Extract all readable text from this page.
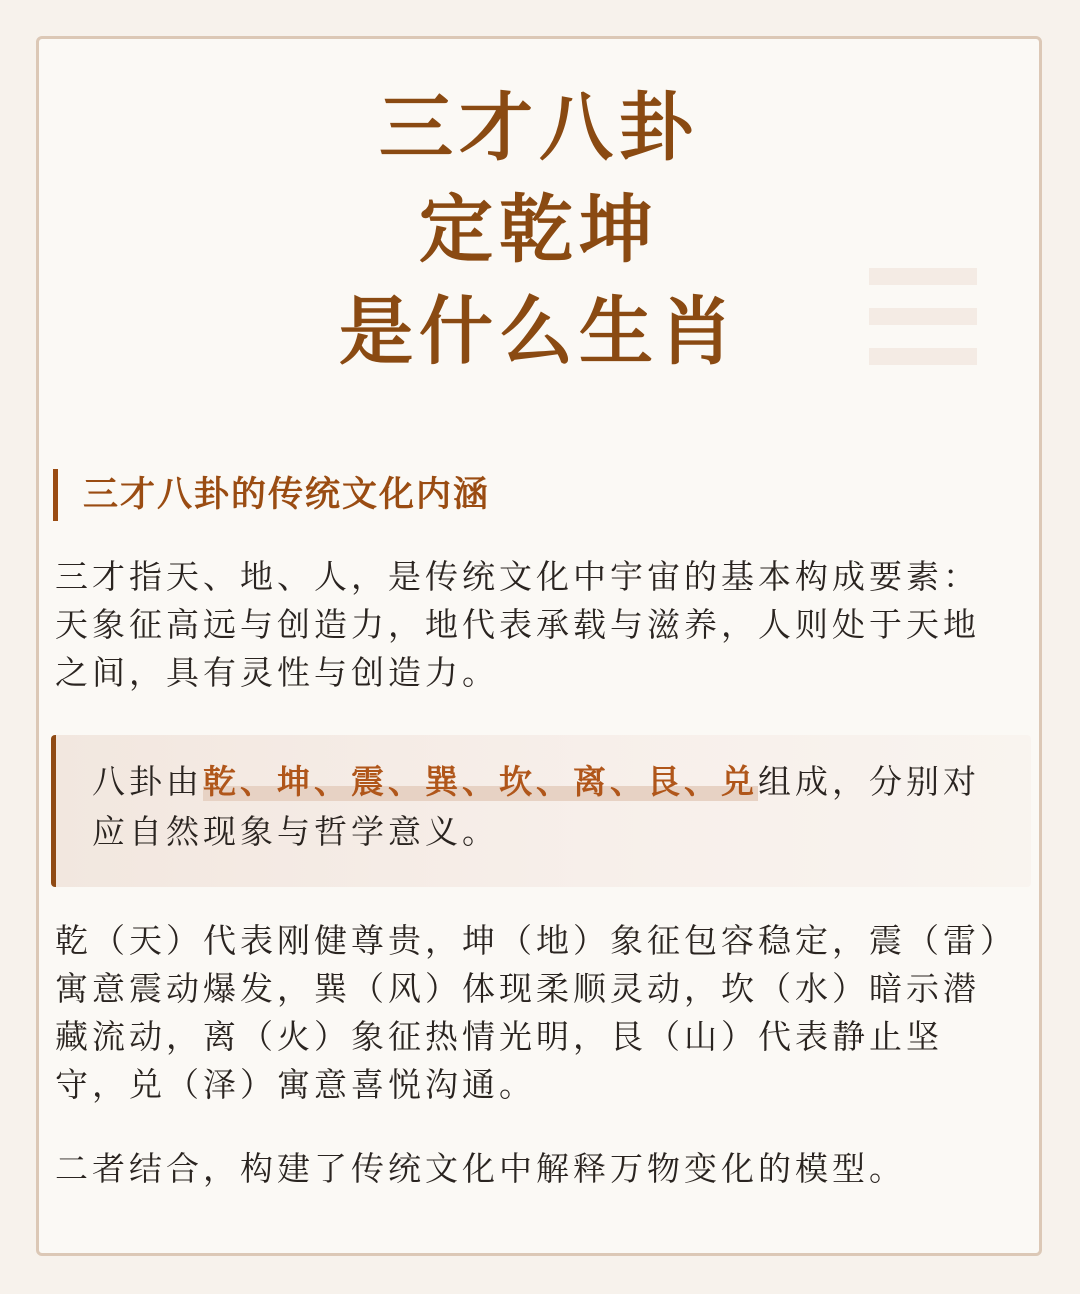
三才八卦
定乾坤
是什么生肖
三才八卦的传统文化内涵

三才指天、地、人，是传统文化中宇宙的基本构成要素：天象征高远与创造力，地代表承载与滋养，人则处于天地之间，具有灵性与创造力。

八卦由乾、坤、震、巽、坎、离、艮、兑组成，分别对应自然现象与哲学意义。

乾（天）代表刚健尊贵，坤（地）象征包容稳定，震（雷）寓意震动爆发，巽（风）体现柔顺灵动，坎（水）暗示潜藏流动，离（火）象征热情光明，艮（山）代表静止坚守，兑（泽）寓意喜悦沟通。

二者结合，构建了传统文化中解释万物变化的模型。
